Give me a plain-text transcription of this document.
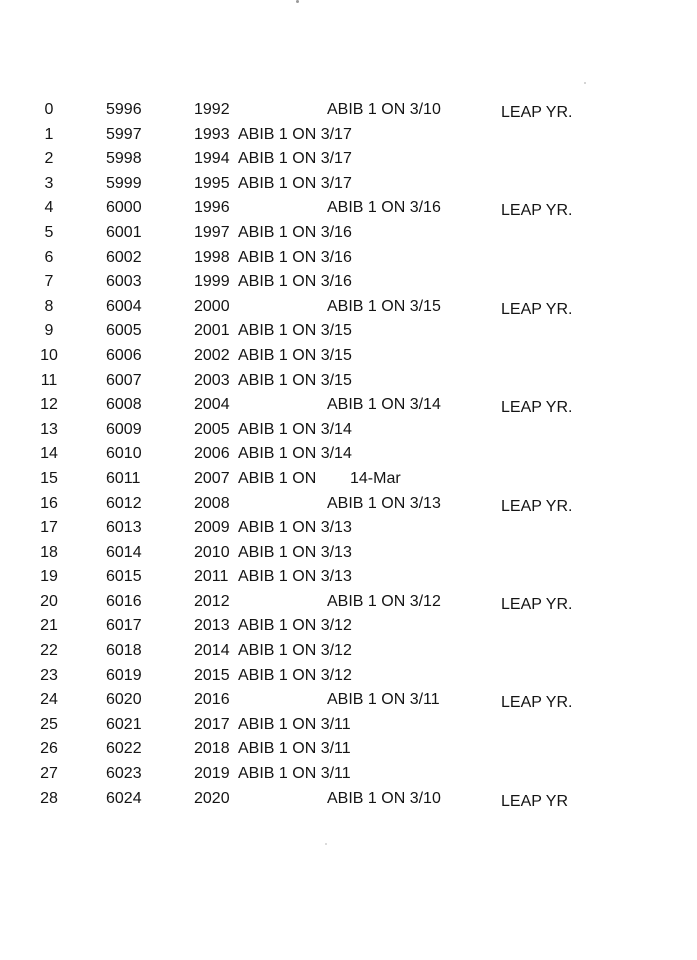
0	5996	1992	ABIB 1 ON 3/10	LEAP YR.
1	5997	1993 ABIB 1 ON 3/17
2	5998	1994 ABIB 1 ON 3/17
3	5999	1995 ABIB 1 ON 3/17
4	6000	1996	ABIB 1 ON 3/16	LEAP YR.
5	6001	1997 ABIB 1 ON 3/16
6	6002	1998 ABIB 1 ON 3/16
7	6003	1999 ABIB 1 ON 3/16
8	6004	2000	ABIB 1 ON 3/15	LEAP YR.
9	6005	2001 ABIB 1 ON 3/15
10	6006	2002 ABIB 1 ON 3/15
11	6007	2003 ABIB 1 ON 3/15
12	6008	2004	ABIB 1 ON 3/14	LEAP YR.
13	6009	2005 ABIB 1 ON 3/14
14	6010	2006 ABIB 1 ON 3/14
15	6011	2007 ABIB 1 ON 14-Mar
16	6012	2008	ABIB 1 ON 3/13	LEAP YR.
17	6013	2009 ABIB 1 ON 3/13
18	6014	2010 ABIB 1 ON 3/13
19	6015	2011 ABIB 1 ON 3/13
20	6016	2012	ABIB 1 ON 3/12	LEAP YR.
21	6017	2013 ABIB 1 ON 3/12
22	6018	2014 ABIB 1 ON 3/12
23	6019	2015 ABIB 1 ON 3/12
24	6020	2016	ABIB 1 ON 3/11	LEAP YR.
25	6021	2017 ABIB 1 ON 3/11
26	6022	2018 ABIB 1 ON 3/11
27	6023	2019 ABIB 1 ON 3/11
28	6024	2020	ABIB 1 ON 3/10	LEAP YR
